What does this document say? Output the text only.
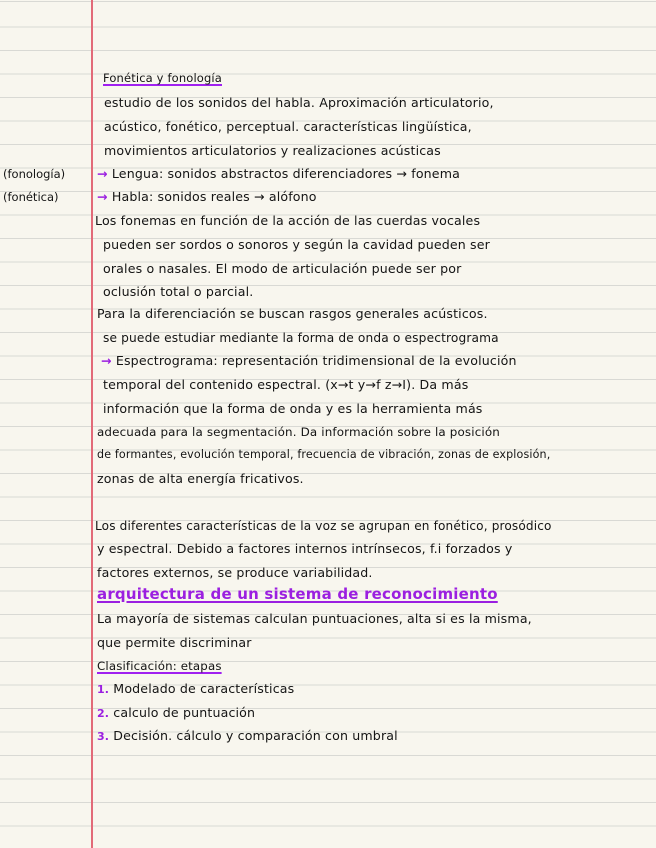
Fonética y fonología
estudio de los sonidos del habla. Aproximación articulatorio,
acústico, fonético, perceptual. características lingüística,
movimientos articulatorios y realizaciones acústicas
(fonología)	→ Lengua: sonidos abstractos diferenciadores → fonema
(fonética)	→ Habla: sonidos reales → alófono
Los fonemas en función de la acción de las cuerdas vocales
pueden ser sordos o sonoros y según la cavidad pueden ser
orales o nasales. El modo de articulación puede ser por
oclusión total o parcial.
Para la diferenciación se buscan rasgos generales acústicos.
se puede estudiar mediante la forma de onda o espectrograma
→ Espectrograma: representación tridimensional de la evolución
temporal del contenido espectral. (x→t y→f z→I). Da más
información que la forma de onda y es la herramienta más
adecuada para la segmentación. Da información sobre la posición
de formantes, evolución temporal, frecuencia de vibración, zonas de explosión,
zonas de alta energía fricativos.
Los diferentes características de la voz se agrupan en fonético, prosódico
y espectral. Debido a factores internos intrínsecos, f.i forzados y
factores externos, se produce variabilidad.
arquitectura de un sistema de reconocimiento
La mayoría de sistemas calculan puntuaciones, alta si es la misma,
que permite discriminar
Clasificación: etapas
1. Modelado de características
2. calculo de puntuación
3. Decisión. cálculo y comparación con umbral
